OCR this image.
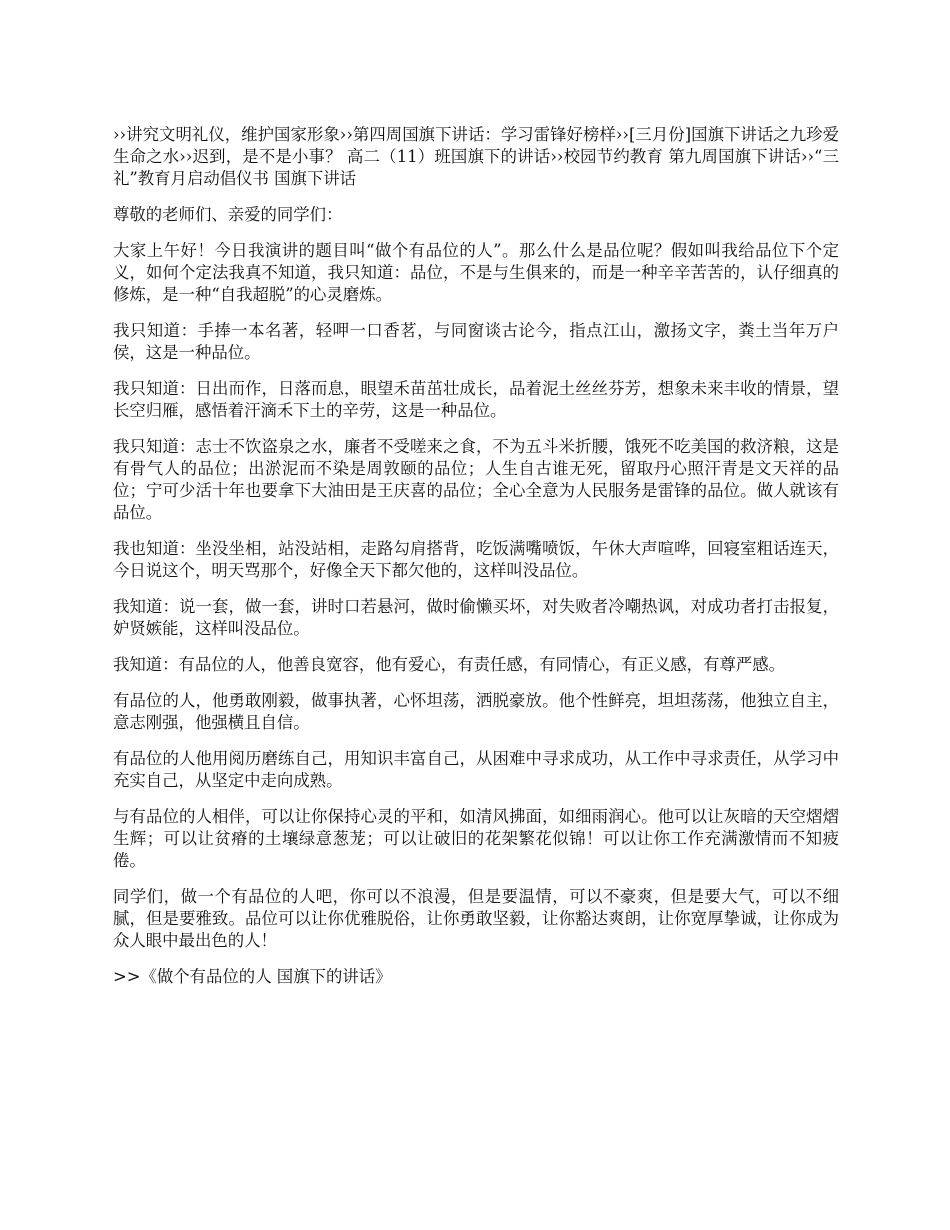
››讲究文明礼仪，维护国家形象››第四周国旗下讲话：学习雷锋好榜样››[三月份]国旗下讲话之九珍爱生命之水››迟到，是不是小事？ 高二（11）班国旗下的讲话››校园节约教育 第九周国旗下讲话››“三礼”教育月启动倡仪书 国旗下讲话

尊敬的老师们、亲爱的同学们：

大家上午好！今日我演讲的题目叫“做个有品位的人”。那么什么是品位呢？假如叫我给品位下个定义，如何个定法我真不知道，我只知道：品位，不是与生俱来的，而是一种辛辛苦苦的，认仔细真的修炼，是一种“自我超脱”的心灵磨炼。

我只知道：手捧一本名著，轻呷一口香茗，与同窗谈古论今，指点江山，激扬文字，粪土当年万户侯，这是一种品位。

我只知道：日出而作，日落而息，眼望禾苗茁壮成长，品着泥土丝丝芬芳，想象未来丰收的情景，望长空归雁，感悟着汗滴禾下土的辛劳，这是一种品位。

我只知道：志士不饮盗泉之水，廉者不受嗟来之食，不为五斗米折腰，饿死不吃美国的救济粮，这是有骨气人的品位；出淤泥而不染是周敦颐的品位；人生自古谁无死，留取丹心照汗青是文天祥的品位；宁可少活十年也要拿下大油田是王庆喜的品位；全心全意为人民服务是雷锋的品位。做人就该有品位。

我也知道：坐没坐相，站没站相，走路勾肩搭背，吃饭满嘴喷饭，午休大声喧哗，回寝室粗话连天，今日说这个，明天骂那个，好像全天下都欠他的，这样叫没品位。

我知道：说一套，做一套，讲时口若悬河，做时偷懒买坏，对失败者冷嘲热讽，对成功者打击报复，妒贤嫉能，这样叫没品位。

我知道：有品位的人，他善良宽容，他有爱心，有责任感，有同情心，有正义感，有尊严感。

有品位的人，他勇敢刚毅，做事执著，心怀坦荡，洒脱豪放。他个性鲜亮，坦坦荡荡，他独立自主，意志刚强，他强横且自信。

有品位的人他用阅历磨练自己，用知识丰富自己，从困难中寻求成功，从工作中寻求责任，从学习中充实自己，从坚定中走向成熟。

与有品位的人相伴，可以让你保持心灵的平和，如清风拂面，如细雨润心。他可以让灰暗的天空熠熠生辉；可以让贫瘠的土壤绿意葱茏；可以让破旧的花架繁花似锦！可以让你工作充满激情而不知疲倦。

同学们，做一个有品位的人吧，你可以不浪漫，但是要温情，可以不豪爽，但是要大气，可以不细腻，但是要雅致。品位可以让你优雅脱俗，让你勇敢坚毅，让你豁达爽朗，让你宽厚挚诚，让你成为众人眼中最出色的人！

>>《做个有品位的人 国旗下的讲话》
